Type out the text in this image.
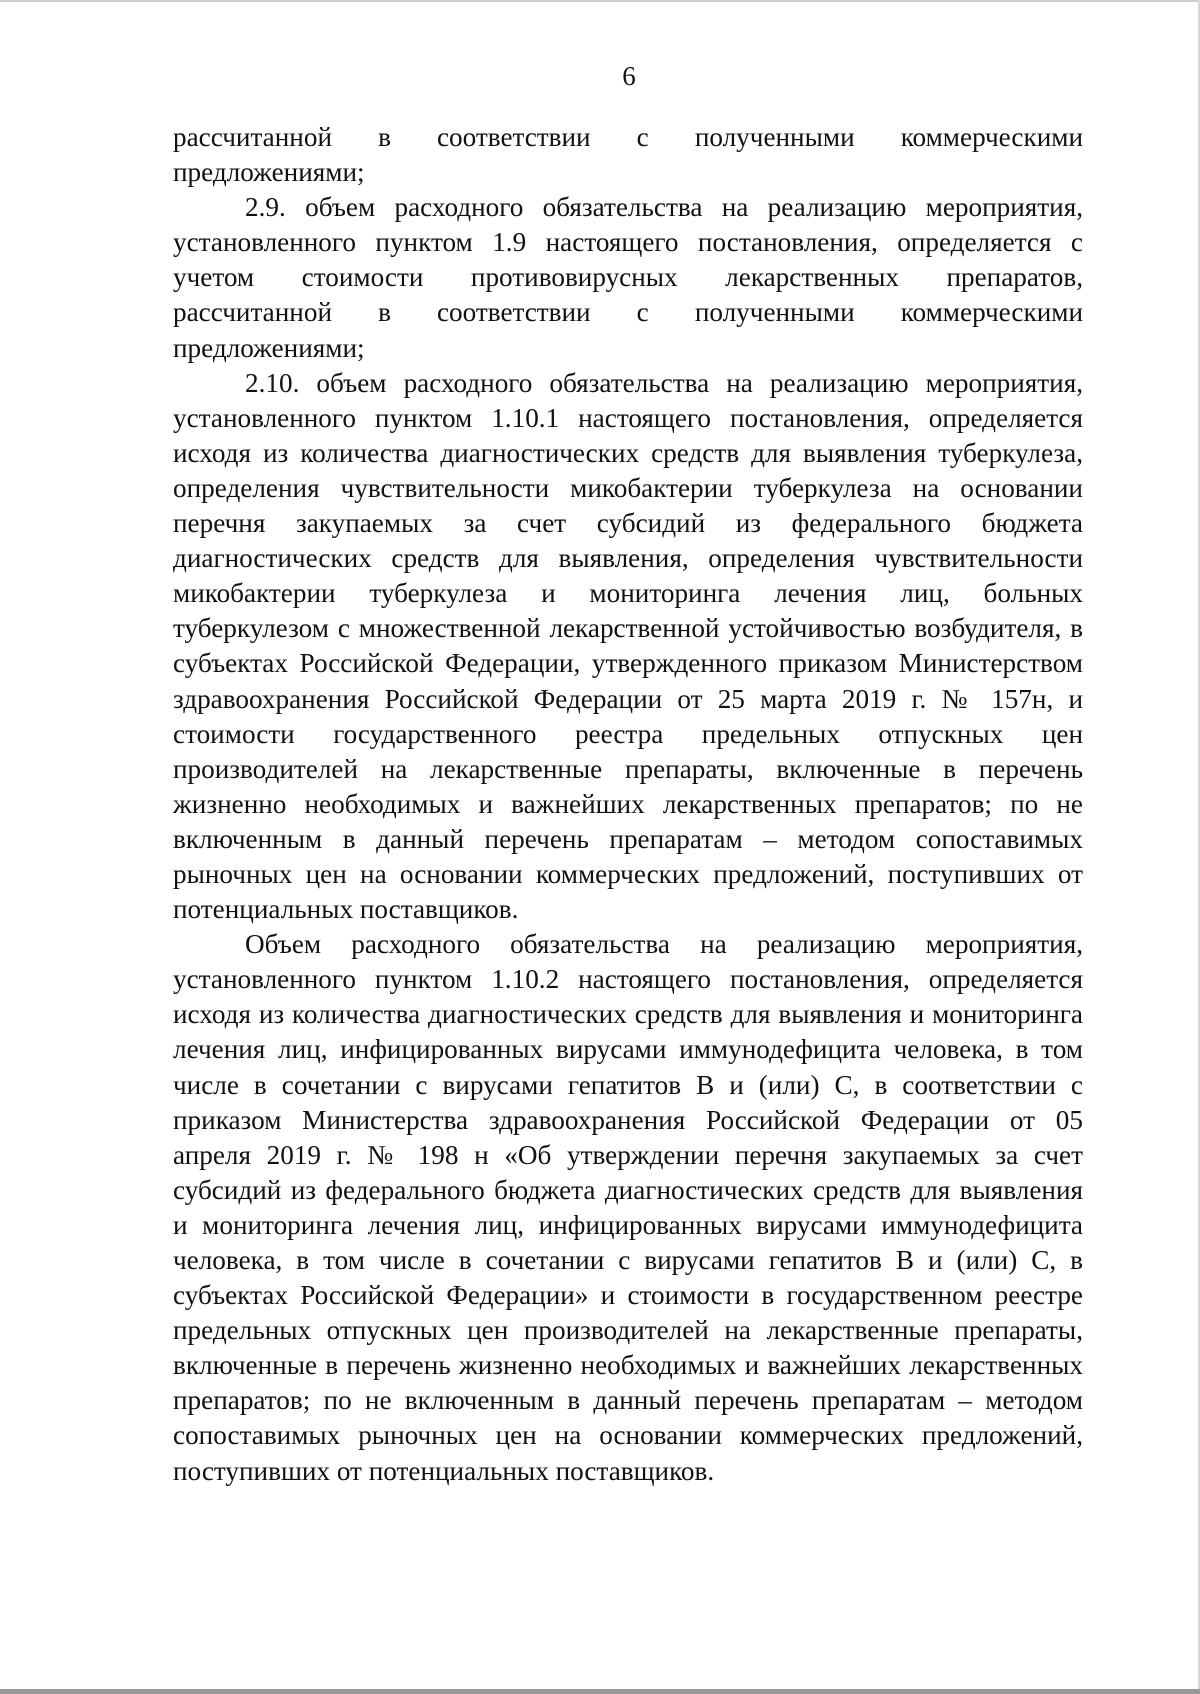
6

рассчитанной в соответствии с полученными коммерческими предложениями;

2.9. объем расходного обязательства на реализацию мероприятия, установленного пунктом 1.9 настоящего постановления, определяется с учетом стоимости противовирусных лекарственных препаратов, рассчитанной в соответствии с полученными коммерческими предложениями;

2.10. объем расходного обязательства на реализацию мероприятия, установленного пунктом 1.10.1 настоящего постановления, определяется исходя из количества диагностических средств для выявления туберкулеза, определения чувствительности микобактерии туберкулеза на основании перечня закупаемых за счет субсидий из федерального бюджета диагностических средств для выявления, определения чувствительности микобактерии туберкулеза и мониторинга лечения лиц, больных туберкулезом с множественной лекарственной устойчивостью возбудителя, в субъектах Российской Федерации, утвержденного приказом Министерством здравоохранения Российской Федерации от 25 марта 2019 г. № 157н, и стоимости государственного реестра предельных отпускных цен производителей на лекарственные препараты, включенные в перечень жизненно необходимых и важнейших лекарственных препаратов; по не включенным в данный перечень препаратам – методом сопоставимых рыночных цен на основании коммерческих предложений, поступивших от потенциальных поставщиков.

Объем расходного обязательства на реализацию мероприятия, установленного пунктом 1.10.2 настоящего постановления, определяется исходя из количества диагностических средств для выявления и мониторинга лечения лиц, инфицированных вирусами иммунодефицита человека, в том числе в сочетании с вирусами гепатитов В и (или) С, в соответствии с приказом Министерства здравоохранения Российской Федерации от 05 апреля 2019 г. № 198 н «Об утверждении перечня закупаемых за счет субсидий из федерального бюджета диагностических средств для выявления и мониторинга лечения лиц, инфицированных вирусами иммунодефицита человека, в том числе в сочетании с вирусами гепатитов В и (или) С, в субъектах Российской Федерации» и стоимости в государственном реестре предельных отпускных цен производителей на лекарственные препараты, включенные в перечень жизненно необходимых и важнейших лекарственных препаратов; по не включенным в данный перечень препаратам – методом сопоставимых рыночных цен на основании коммерческих предложений, поступивших от потенциальных поставщиков.
